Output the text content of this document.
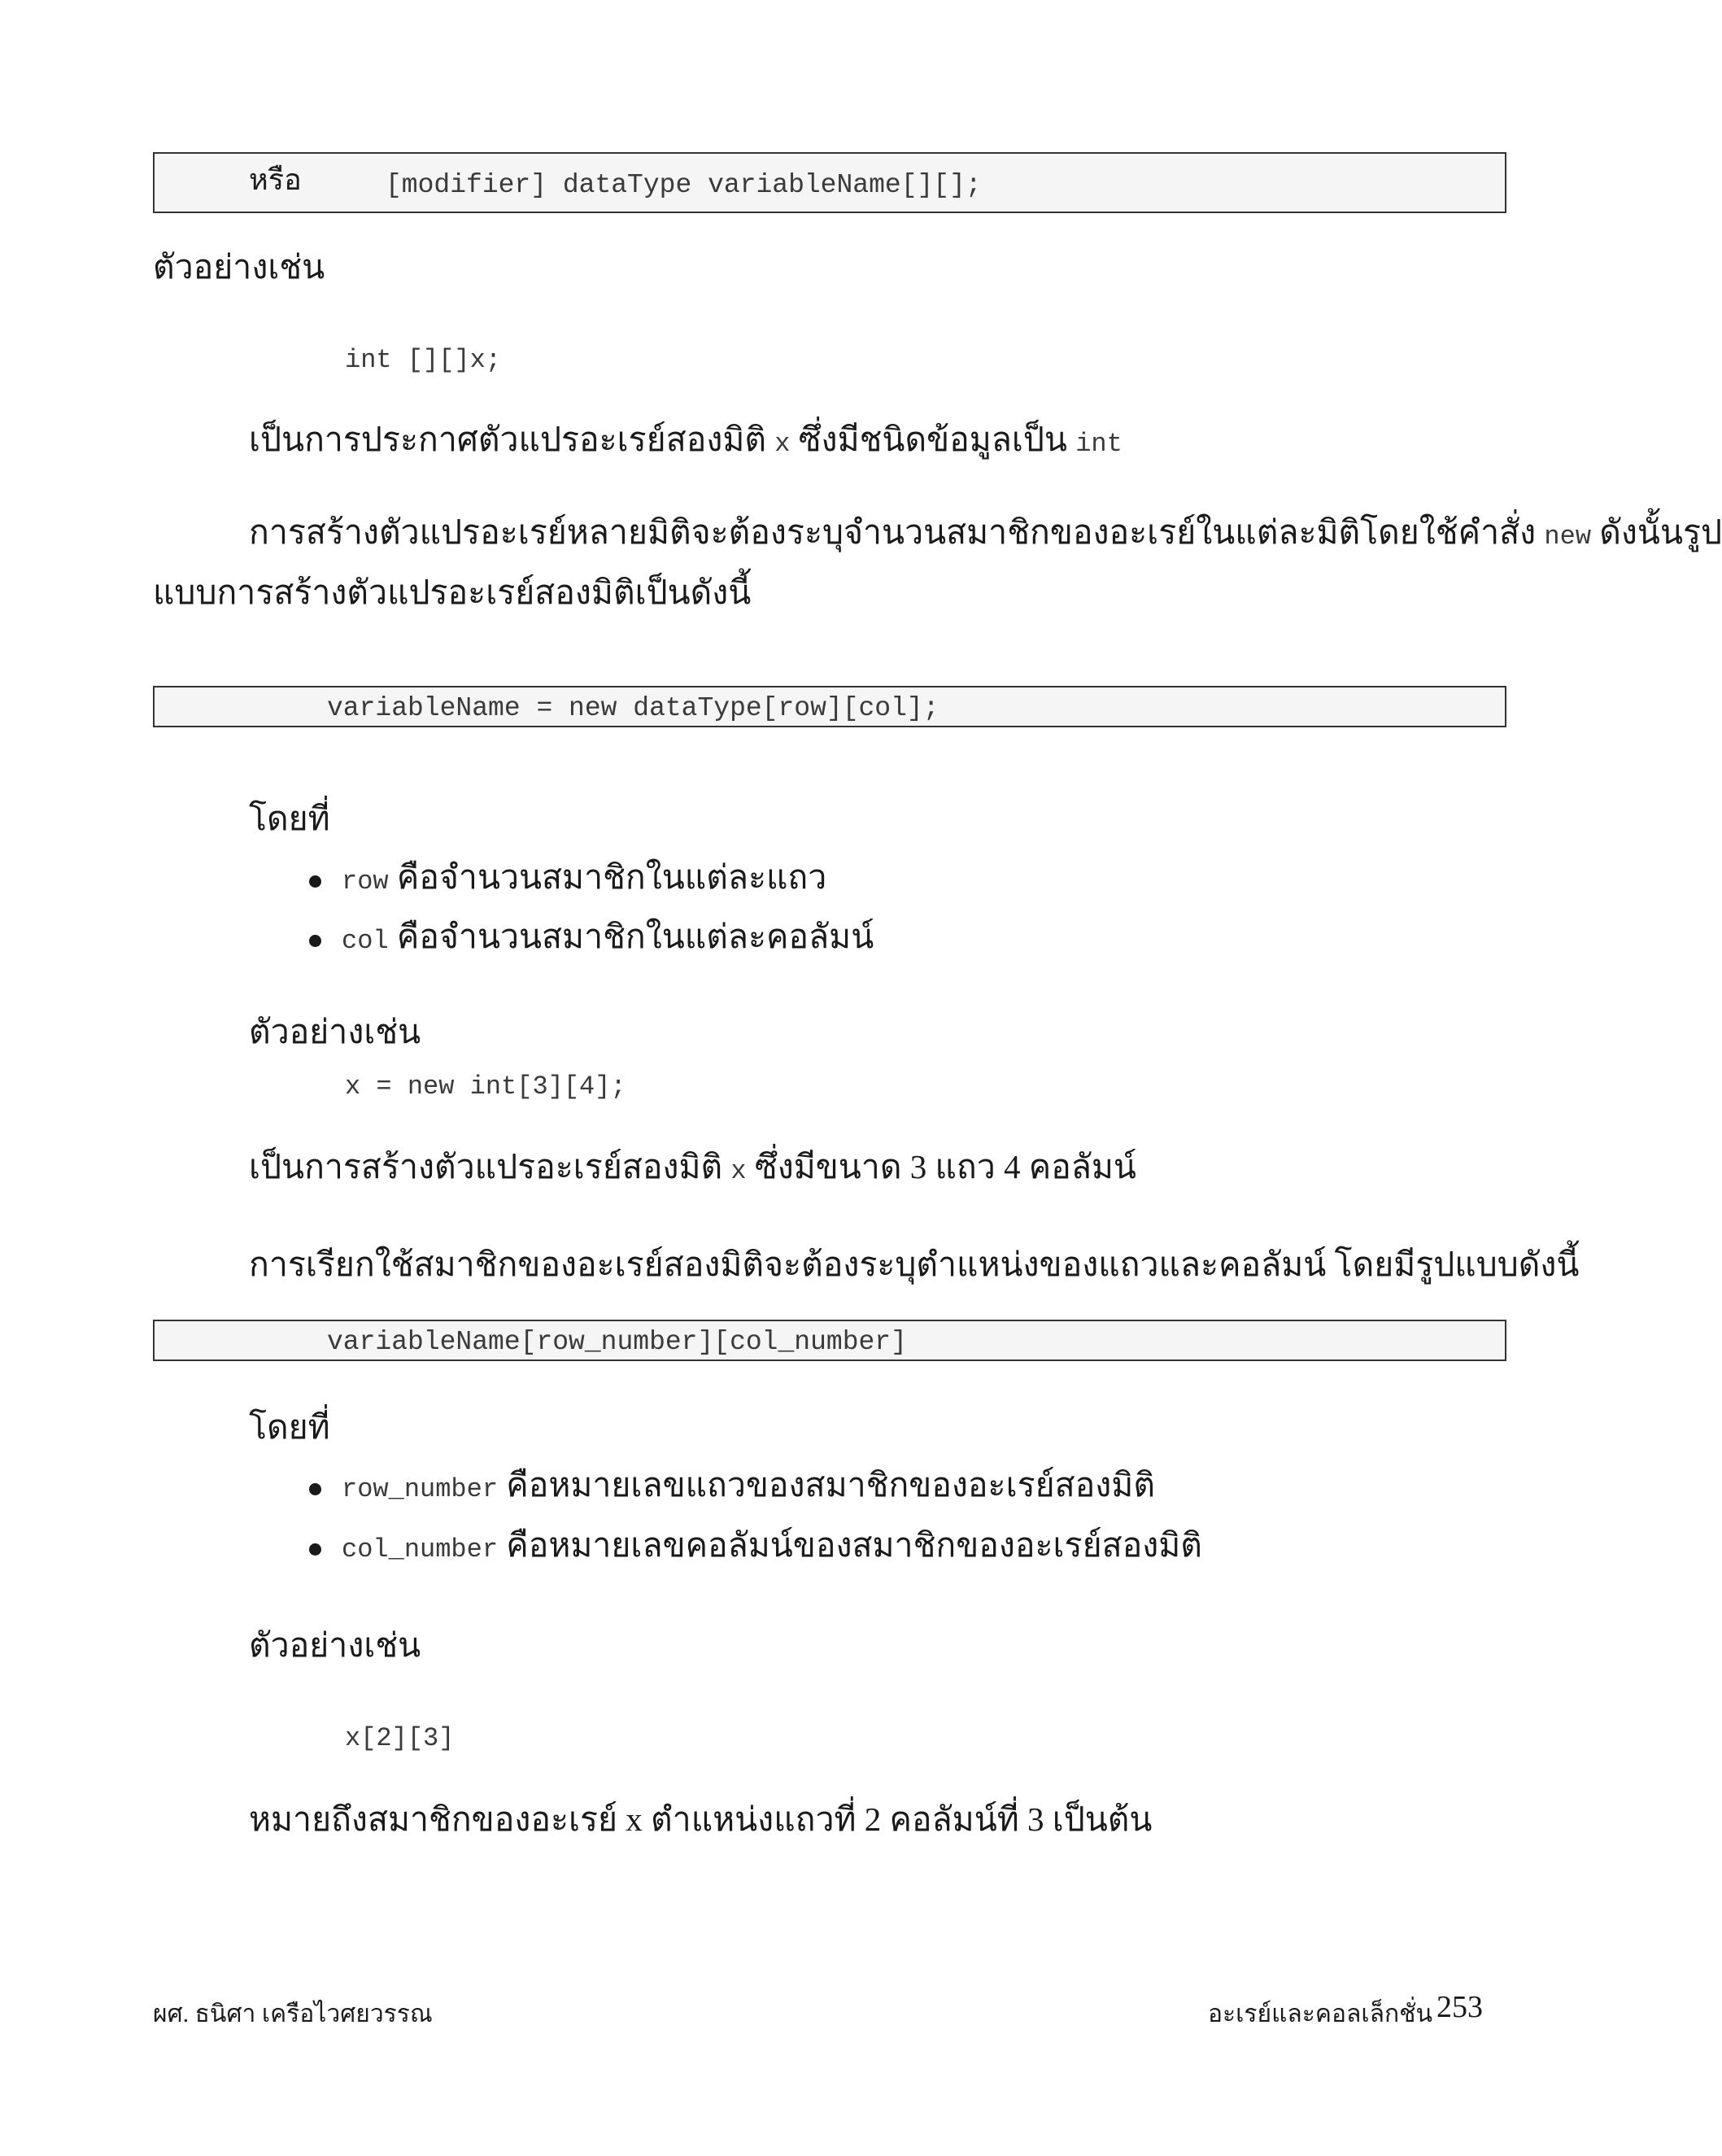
หรือ	[modifier] dataType variableName[][];
ตัวอย่างเช่น
int [][]x;
เป็นการประกาศตัวแปรอะเรย์สองมิติ x ซึ่งมีชนิดข้อมูลเป็น int
การสร้างตัวแปรอะเรย์หลายมิติจะต้องระบุจำนวนสมาชิกของอะเรย์ในแต่ละมิติโดยใช้คำสั่ง new ดังนั้นรูป
แบบการสร้างตัวแปรอะเรย์สองมิติเป็นดังนี้
variableName = new dataType[row][col];
โดยที่
row คือจำนวนสมาชิกในแต่ละแถว
col คือจำนวนสมาชิกในแต่ละคอลัมน์
ตัวอย่างเช่น
x = new int[3][4];
เป็นการสร้างตัวแปรอะเรย์สองมิติ x ซึ่งมีขนาด 3 แถว 4 คอลัมน์
การเรียกใช้สมาชิกของอะเรย์สองมิติจะต้องระบุตำแหน่งของแถวและคอลัมน์ โดยมีรูปแบบดังนี้
variableName[row_number][col_number]
โดยที่
row_number คือหมายเลขแถวของสมาชิกของอะเรย์สองมิติ
col_number คือหมายเลขคอลัมน์ของสมาชิกของอะเรย์สองมิติ
ตัวอย่างเช่น
x[2][3]
หมายถึงสมาชิกของอะเรย์ x ตำแหน่งแถวที่ 2 คอลัมน์ที่ 3 เป็นต้น
ผศ. ธนิศา เครือไวศยวรรณ	อะเรย์และคอลเล็กชั่น 253
